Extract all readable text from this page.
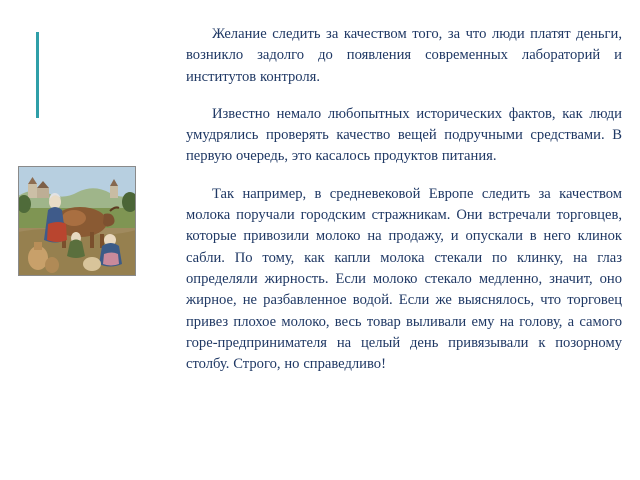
Желание следить за качеством того, за что люди платят деньги, возникло задолго до появления современных лабораторий и институтов контроля.

Известно немало любопытных исторических фактов, как люди умудрялись проверять качество вещей подручными средствами. В первую очередь, это касалось продуктов питания.

Так например, в средневековой Европе следить за качеством молока поручали городским стражникам. Они встречали торговцев, которые привозили молоко на продажу, и опускали в него клинок сабли. По тому, как капли молока стекали по клинку, на глаз определяли жирность. Если молоко стекало медленно, значит, оно жирное, не разбавленное водой. Если же выяснялось, что торговец привез плохое молоко, весь товар выливали ему на голову, а самого горе-предпринимателя на целый день привязывали к позорному столбу. Строго, но справедливо!
